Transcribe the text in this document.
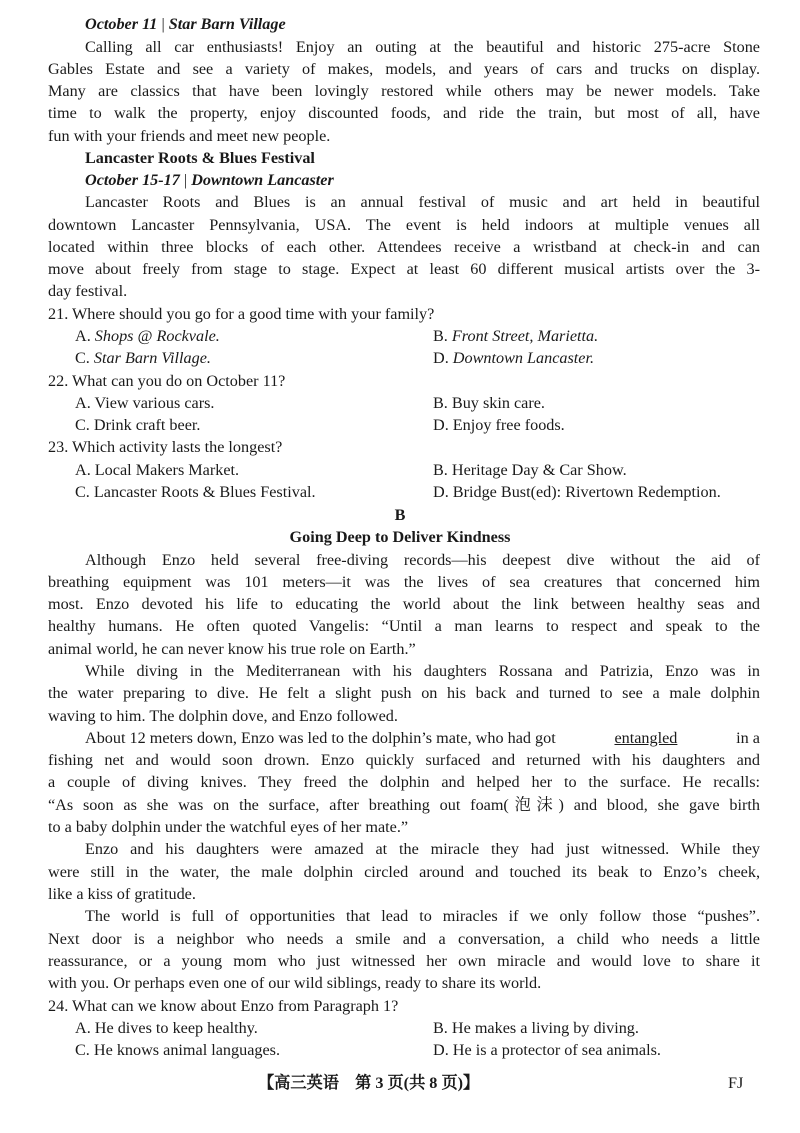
October 11 | Star Barn Village
Calling all car enthusiasts! Enjoy an outing at the beautiful and historic 275-acre Stone
Gables Estate and see a variety of makes, models, and years of cars and trucks on display.
Many are classics that have been lovingly restored while others may be newer models. Take
time to walk the property, enjoy discounted foods, and ride the train, but most of all, have
fun with your friends and meet new people.
Lancaster Roots & Blues Festival
October 15-17 | Downtown Lancaster
Lancaster Roots and Blues is an annual festival of music and art held in beautiful
downtown Lancaster Pennsylvania, USA. The event is held indoors at multiple venues all
located within three blocks of each other. Attendees receive a wristband at check-in and can
move about freely from stage to stage. Expect at least 60 different musical artists over the 3-
day festival.
21. Where should you go for a good time with your family?
A. Shops @ Rockvale.	B. Front Street, Marietta.
C. Star Barn Village.	D. Downtown Lancaster.
22. What can you do on October 11?
A. View various cars.	B. Buy skin care.
C. Drink craft beer.	D. Enjoy free foods.
23. Which activity lasts the longest?
A. Local Makers Market.	B. Heritage Day & Car Show.
C. Lancaster Roots & Blues Festival.	D. Bridge Bust(ed): Rivertown Redemption.
B
Going Deep to Deliver Kindness
Although Enzo held several free-diving records—his deepest dive without the aid of
breathing equipment was 101 meters—it was the lives of sea creatures that concerned him
most. Enzo devoted his life to educating the world about the link between healthy seas and
healthy humans. He often quoted Vangelis: “Until a man learns to respect and speak to the
animal world, he can never know his true role on Earth.”
While diving in the Mediterranean with his daughters Rossana and Patrizia, Enzo was in
the water preparing to dive. He felt a slight push on his back and turned to see a male dolphin
waving to him. The dolphin dove, and Enzo followed.
About 12 meters down, Enzo was led to the dolphin’s mate, who had got	entangled	in a
fishing net and would soon drown. Enzo quickly surfaced and returned with his daughters and
a couple of diving knives. They freed the dolphin and helped her to the surface. He recalls:
“As soon as she was on the surface, after breathing out foam(泡沫) and blood, she gave birth
to a baby dolphin under the watchful eyes of her mate.”
Enzo and his daughters were amazed at the miracle they had just witnessed. While they
were still in the water, the male dolphin circled around and touched its beak to Enzo’s cheek,
like a kiss of gratitude.
The world is full of opportunities that lead to miracles if we only follow those “pushes”.
Next door is a neighbor who needs a smile and a conversation, a child who needs a little
reassurance, or a young mom who just witnessed her own miracle and would love to share it
with you. Or perhaps even one of our wild siblings, ready to share its world.
24. What can we know about Enzo from Paragraph 1?
A. He dives to keep healthy.	B. He makes a living by diving.
C. He knows animal languages.	D. He is a protector of sea animals.
【高三英语　第 3 页(共 8 页)】	FJ
